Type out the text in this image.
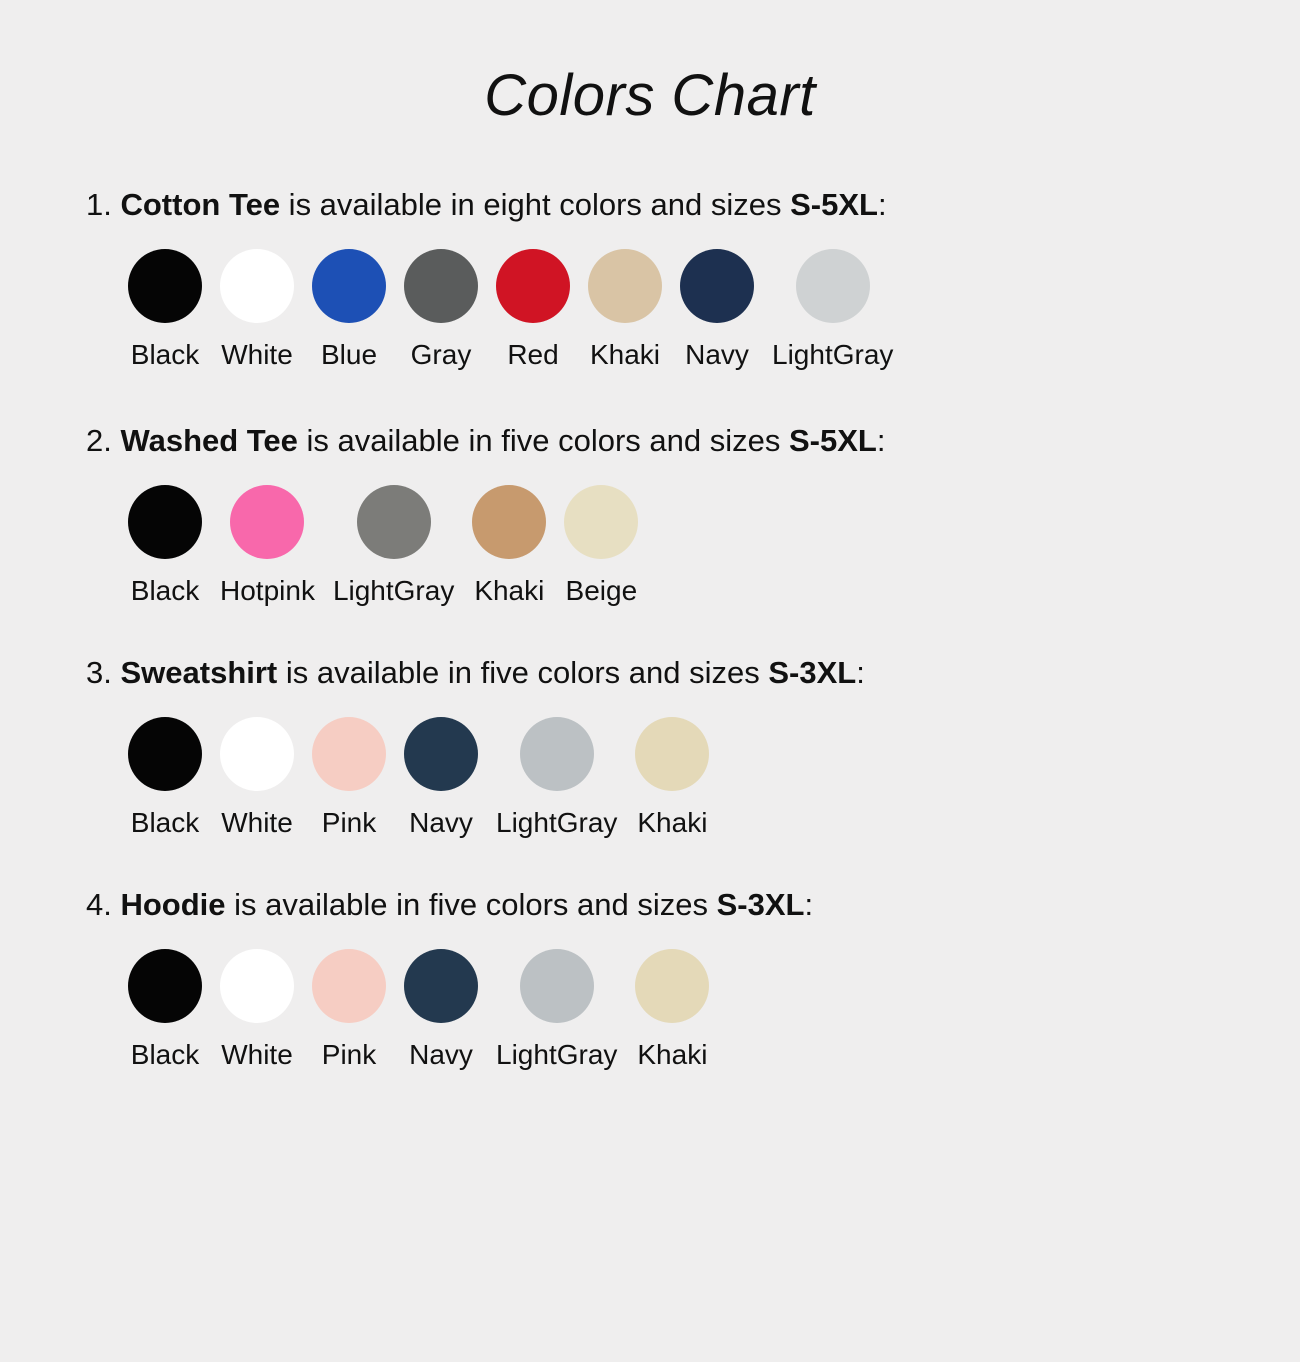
Colors Chart
1. Cotton Tee is available in eight colors and sizes S-5XL:
Black White Blue Gray Red Khaki Navy LightGray
2. Washed Tee is available in five colors and sizes S-5XL:
Black Hotpink LightGray Khaki Beige
3. Sweatshirt is available in five colors and sizes S-3XL:
Black White Pink Navy LightGray Khaki
4. Hoodie is available in five colors and sizes S-3XL:
Black White Pink Navy LightGray Khaki
